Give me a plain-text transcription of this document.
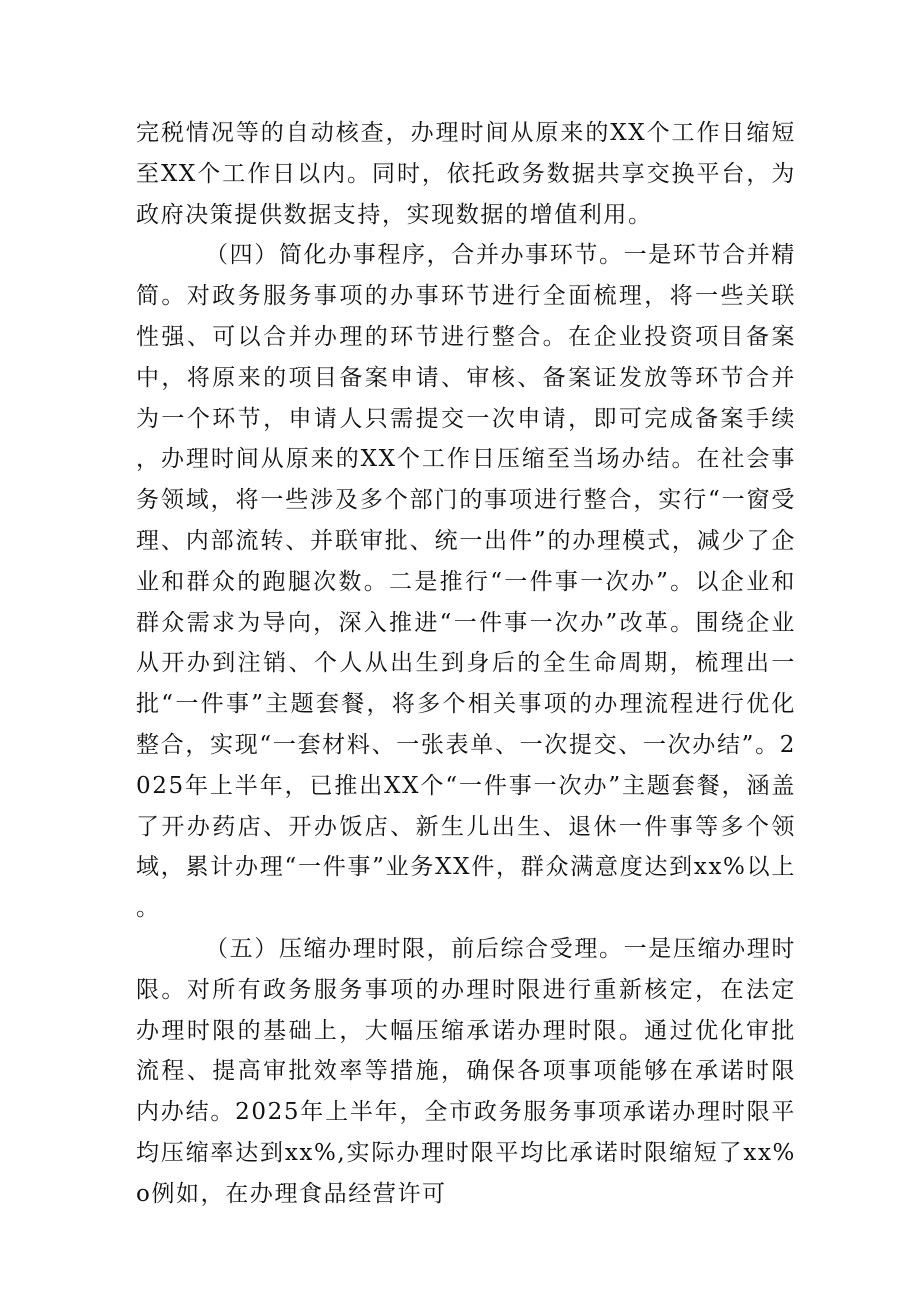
完税情况等的自动核查，办理时间从原来的XX个工作日缩短至XX个工作日以内。同时，依托政务数据共享交换平台，为政府决策提供数据支持，实现数据的增值利用。

（四）简化办事程序，合并办事环节。一是环节合并精简。对政务服务事项的办事环节进行全面梳理，将一些关联性强、可以合并办理的环节进行整合。在企业投资项目备案中，将原来的项目备案申请、审核、备案证发放等环节合并为一个环节，申请人只需提交一次申请，即可完成备案手续，办理时间从原来的XX个工作日压缩至当场办结。在社会事务领域，将一些涉及多个部门的事项进行整合，实行“一窗受理、内部流转、并联审批、统一出件”的办理模式，减少了企业和群众的跑腿次数。二是推行“一件事一次办”。以企业和群众需求为导向，深入推进“一件事一次办”改革。围绕企业从开办到注销、个人从出生到身后的全生命周期，梳理出一批“一件事”主题套餐，将多个相关事项的办理流程进行优化整合，实现“一套材料、一张表单、一次提交、一次办结”。2025年上半年，已推出XX个“一件事一次办”主题套餐，涵盖了开办药店、开办饭店、新生儿出生、退休一件事等多个领域，累计办理“一件事”业务XX件，群众满意度达到xx%以上。

（五）压缩办理时限，前后综合受理。一是压缩办理时限。对所有政务服务事项的办理时限进行重新核定，在法定办理时限的基础上，大幅压缩承诺办理时限。通过优化审批流程、提高审批效率等措施，确保各项事项能够在承诺时限内办结。2025年上半年，全市政务服务事项承诺办理时限平均压缩率达到xx%,实际办理时限平均比承诺时限缩短了xx%o例如，在办理食品经营许可
